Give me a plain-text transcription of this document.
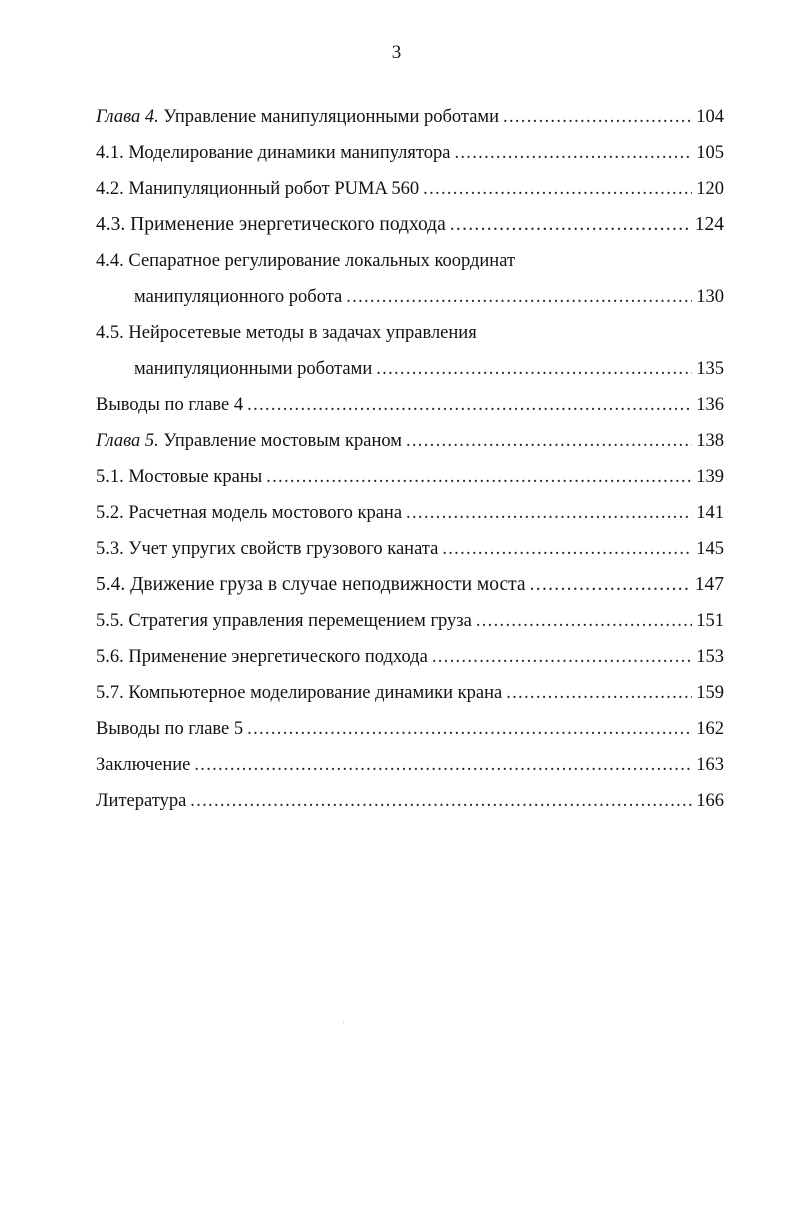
3
Глава 4. Управление манипуляционными роботами .....	104
4.1. Моделирование динамики манипулятора .....	105
4.2. Манипуляционный робот PUMA 560 .....	120
4.3. Применение энергетического подхода .....	124
4.4. Сепаратное регулирование локальных координат
манипуляционного робота .....	130
4.5. Нейросетевые методы в задачах управления
манипуляционными роботами .....	135
Выводы по главе 4 .....	136
Глава 5. Управление мостовым краном .....	138
5.1. Мостовые краны .....	139
5.2. Расчетная модель мостового крана .....	141
5.3. Учет упругих свойств грузового каната .....	145
5.4. Движение груза в случае неподвижности моста .....	147
5.5. Стратегия управления перемещением груза .....	151
5.6. Применение энергетического подхода .....	153
5.7. Компьютерное моделирование динамики крана .....	159
Выводы по главе 5 .....	162
Заключение .....	163
Литература .....	166
